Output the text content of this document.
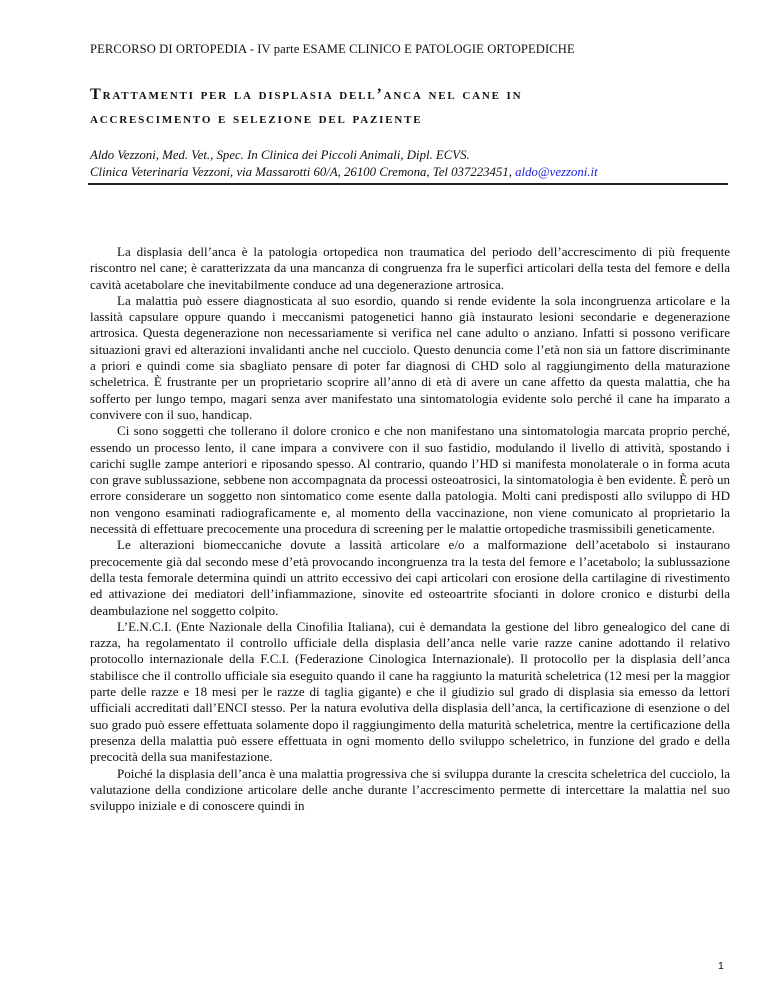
PERCORSO DI ORTOPEDIA - IV parte ESAME CLINICO E PATOLOGIE ORTOPEDICHE
Trattamenti per la displasia dell’anca nel cane in
accrescimento e selezione del paziente
Aldo Vezzoni, Med. Vet., Spec. In Clinica dei Piccoli Animali, Dipl. ECVS.
Clinica Veterinaria Vezzoni, via Massarotti 60/A, 26100 Cremona, Tel 037223451, aldo@vezzoni.it

La displasia dell’anca è la patologia ortopedica non traumatica del periodo dell’accrescimento di più frequente riscontro nel cane; è caratterizzata da una mancanza di congruenza fra le superfici articolari della testa del femore e della cavità acetabolare che inevitabilmente conduce ad una degenerazione artrosica.

La malattia può essere diagnosticata al suo esordio, quando si rende evidente la sola incongruenza articolare e la lassità capsulare oppure quando i meccanismi patogenetici hanno già instaurato lesioni secondarie e degenerazione artrosica. Questa degenerazione non necessariamente si verifica nel cane adulto o anziano. Infatti si possono verificare situazioni gravi ed alterazioni invalidanti anche nel cucciolo. Questo denuncia come l’età non sia un fattore discriminante a priori e quindi come sia sbagliato pensare di poter far diagnosi di CHD solo al raggiungimento della maturazione scheletrica. È frustrante per un proprietario scoprire all’anno di età di avere un cane affetto da questa malattia, che ha sofferto per lungo tempo, magari senza aver manifestato una sintomatologia evidente solo perché il cane ha imparato a convivere con il suo, handicap.

Ci sono soggetti che tollerano il dolore cronico e che non manifestano una sintomatologia marcata proprio perché, essendo un processo lento, il cane impara a convivere con il suo fastidio, modulando il livello di attività, spostando i carichi suglle zampe anteriori e riposando spesso. Al contrario, quando l’HD si manifesta monolaterale o in forma acuta con grave sublussazione, sebbene non accompagnata da processi osteoatrosici, la sintomatologia è ben evidente. È però un errore considerare un soggetto non sintomatico come esente dalla patologia. Molti cani predisposti allo sviluppo di HD non vengono esaminati radiograficamente e, al momento della vaccinazione, non viene comunicato al proprietario la necessità di effettuare precocemente una procedura di screening per le malattie ortopediche trasmissibili geneticamente.

Le alterazioni biomeccaniche dovute a lassità articolare e/o a malformazione dell’acetabolo si instaurano precocemente già dal secondo mese d’età provocando incongruenza tra la testa del femore e l’acetabolo; la sublussazione della testa femorale determina quindi un attrito eccessivo dei capi articolari con erosione della cartilagine di rivestimento ed attivazione dei mediatori dell’infiammazione, sinovite ed osteoartrite sfocianti in dolore cronico e disturbi della deambulazione nel soggetto colpito.

L’E.N.C.I. (Ente Nazionale della Cinofilia Italiana), cui è demandata la gestione del libro genealogico del cane di razza, ha regolamentato il controllo ufficiale della displasia dell’anca nelle varie razze canine adottando il relativo protocollo internazionale della F.C.I. (Federazione Cinologica Internazionale). Il protocollo per la displasia dell’anca stabilisce che il controllo ufficiale sia eseguito quando il cane ha raggiunto la maturità scheletrica (12 mesi per la maggior parte delle razze e 18 mesi per le razze di taglia gigante) e che il giudizio sul grado di displasia sia emesso da lettori ufficiali accreditati dall’ENCI stesso. Per la natura evolutiva della displasia dell’anca, la certificazione di esenzione o del suo grado può essere effettuata solamente dopo il raggiungimento della maturità scheletrica, mentre la certificazione della presenza della malattia può essere effettuata in ogni momento dello sviluppo scheletrico, in funzione del grado e della precocità della sua manifestazione.

Poiché la displasia dell’anca è una malattia progressiva che si sviluppa durante la crescita scheletrica del cucciolo, la valutazione della condizione articolare delle anche durante l’accrescimento permette di intercettare la malattia nel suo sviluppo iniziale e di conoscere quindi in

1
